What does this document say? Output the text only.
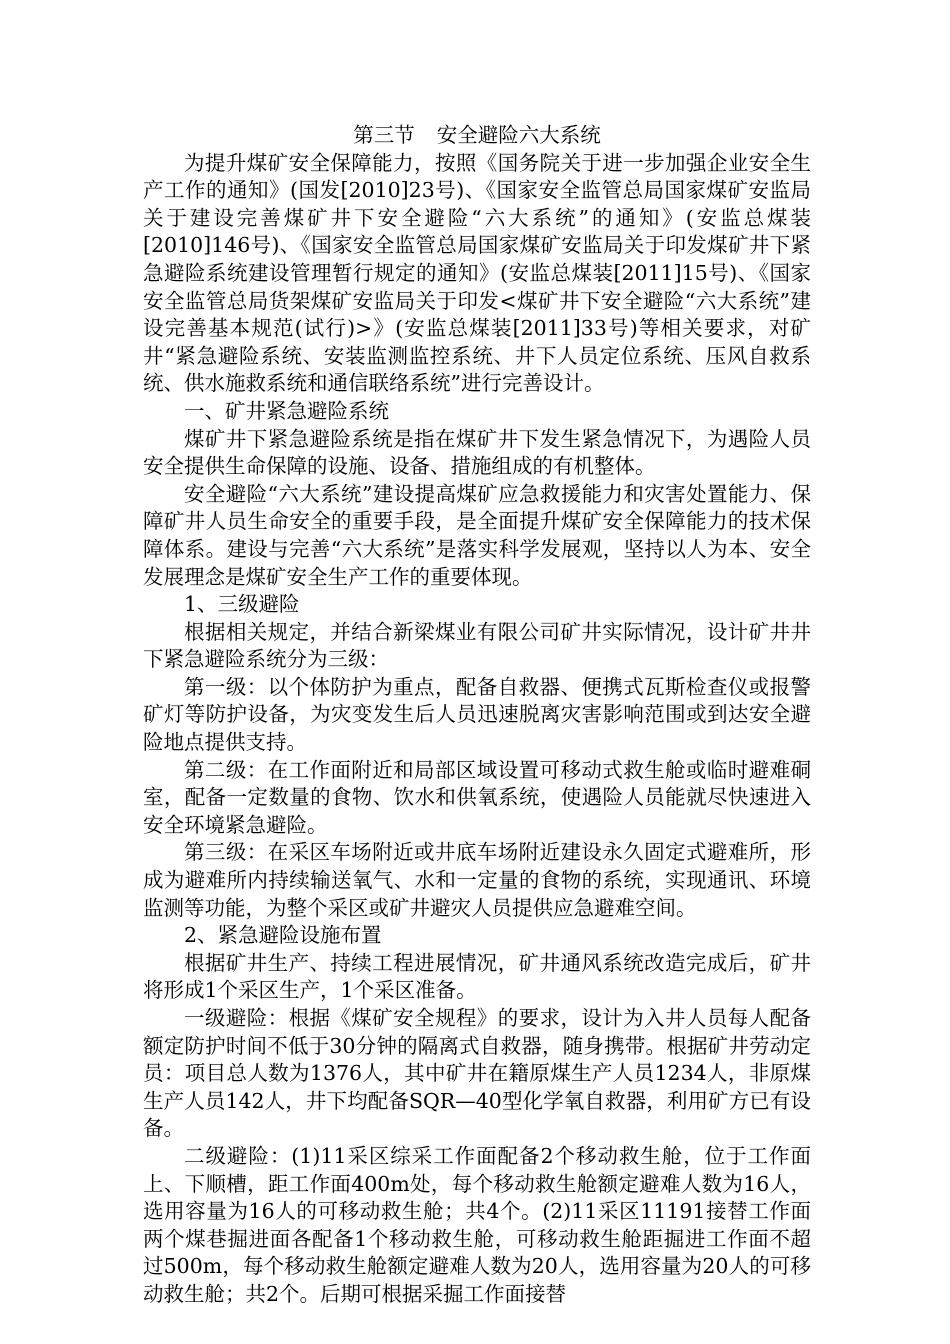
第三节 安全避险六大系统

为提升煤矿安全保障能力，按照《国务院关于进一步加强企业安全生产工作的通知》(国发[2010]23号)、《国家安全监管总局国家煤矿安监局关于建设完善煤矿井下安全避险“六大系统”的通知》(安监总煤装[2010]146号)、《国家安全监管总局国家煤矿安监局关于印发煤矿井下紧急避险系统建设管理暂行规定的通知》(安监总煤装[2011]15号)、《国家安全监管总局货架煤矿安监局关于印发<煤矿井下安全避险“六大系统”建设完善基本规范(试行)>》(安监总煤装[2011]33号)等相关要求，对矿井“紧急避险系统、安装监测监控系统、井下人员定位系统、压风自救系统、供水施救系统和通信联络系统”进行完善设计。

一、矿井紧急避险系统

煤矿井下紧急避险系统是指在煤矿井下发生紧急情况下，为遇险人员安全提供生命保障的设施、设备、措施组成的有机整体。

安全避险“六大系统”建设提高煤矿应急救援能力和灾害处置能力、保障矿井人员生命安全的重要手段，是全面提升煤矿安全保障能力的技术保障体系。建设与完善“六大系统”是落实科学发展观，坚持以人为本、安全发展理念是煤矿安全生产工作的重要体现。

1、三级避险

根据相关规定，并结合新梁煤业有限公司矿井实际情况，设计矿井井下紧急避险系统分为三级：

第一级：以个体防护为重点，配备自救器、便携式瓦斯检查仪或报警矿灯等防护设备，为灾变发生后人员迅速脱离灾害影响范围或到达安全避险地点提供支持。

第二级：在工作面附近和局部区域设置可移动式救生舱或临时避难硐室，配备一定数量的食物、饮水和供氧系统，使遇险人员能就尽快速进入安全环境紧急避险。

第三级：在采区车场附近或井底车场附近建设永久固定式避难所，形成为避难所内持续输送氧气、水和一定量的食物的系统，实现通讯、环境监测等功能，为整个采区或矿井避灾人员提供应急避难空间。

2、紧急避险设施布置

根据矿井生产、持续工程进展情况，矿井通风系统改造完成后，矿井将形成1个采区生产，1个采区准备。

一级避险：根据《煤矿安全规程》的要求，设计为入井人员每人配备额定防护时间不低于30分钟的隔离式自救器，随身携带。根据矿井劳动定员：项目总人数为1376人，其中矿井在籍原煤生产人员1234人，非原煤生产人员142人，井下均配备SQR—40型化学氧自救器，利用矿方已有设备。

二级避险：(1)11采区综采工作面配备2个移动救生舱，位于工作面上、下顺槽，距工作面400m处，每个移动救生舱额定避难人数为16人，选用容量为16人的可移动救生舱；共4个。(2)11采区11191接替工作面两个煤巷掘进面各配备1个移动救生舱，可移动救生舱距掘进工作面不超过500m，每个移动救生舱额定避难人数为20人，选用容量为20人的可移动救生舱；共2个。后期可根据采掘工作面接替
